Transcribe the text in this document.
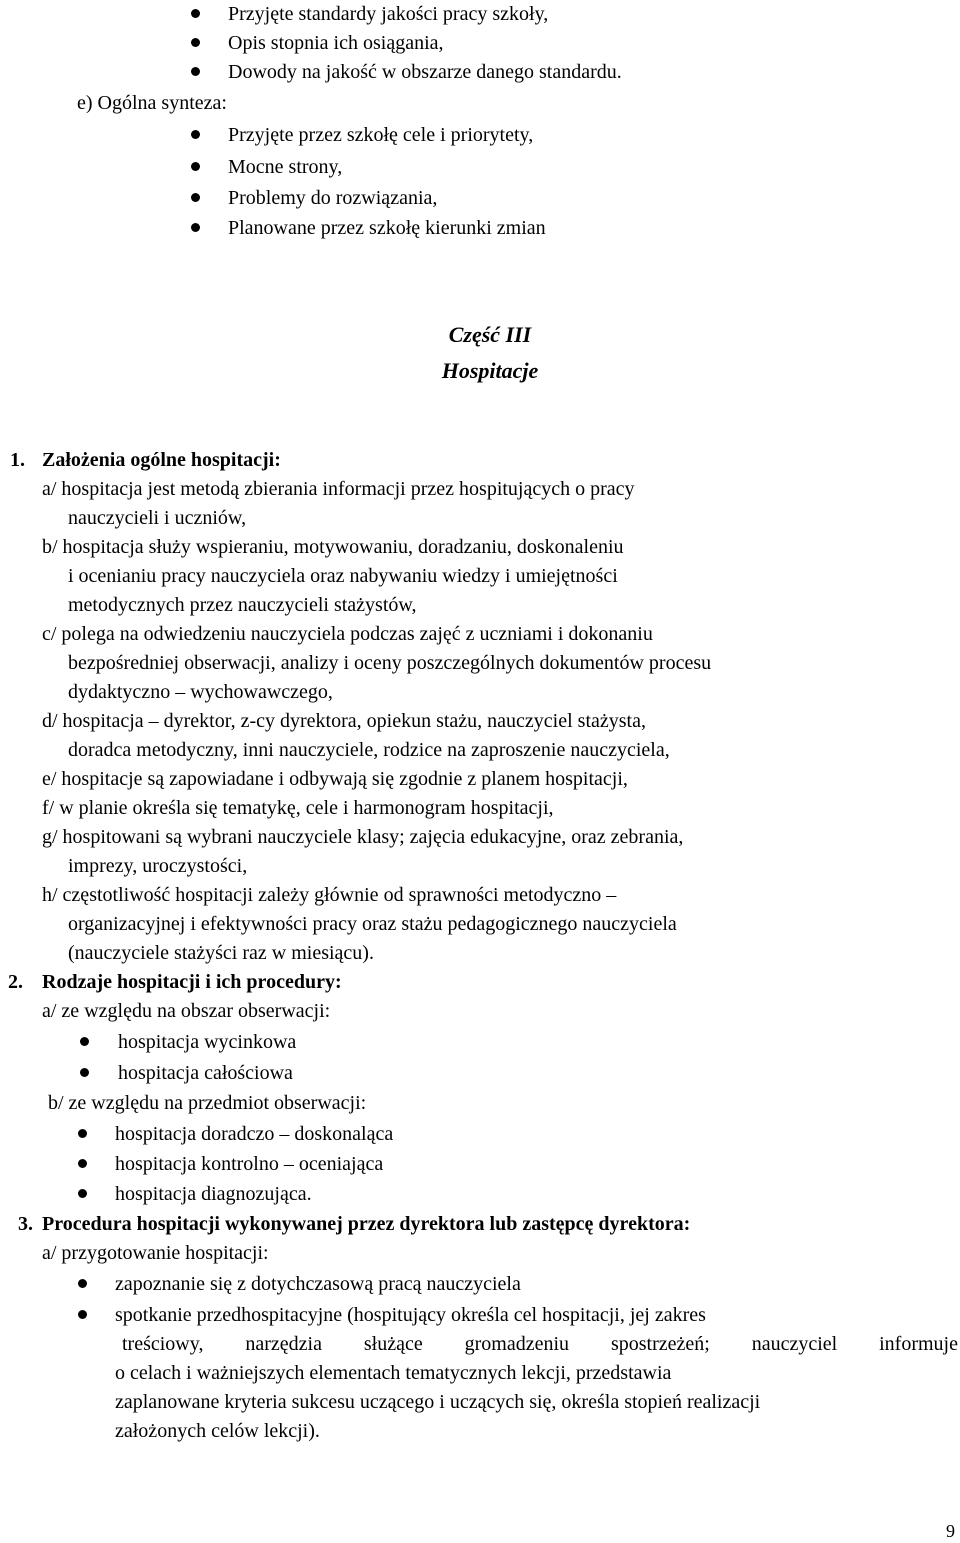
Przyjęte standardy jakości pracy szkoły,
Opis stopnia ich osiągania,
Dowody na jakość w obszarze danego standardu.
e) Ogólna synteza:
Przyjęte przez szkołę cele i priorytety,
Mocne strony,
Problemy do rozwiązania,
Planowane przez szkołę kierunki zmian
Część III
Hospitacje
1. Założenia ogólne hospitacji:
a/ hospitacja jest metodą zbierania informacji przez hospitujących o pracy
nauczycieli i uczniów,
b/ hospitacja służy wspieraniu, motywowaniu, doradzaniu, doskonaleniu
i ocenianiu pracy nauczyciela oraz nabywaniu wiedzy i umiejętności
metodycznych przez nauczycieli stażystów,
c/ polega na odwiedzeniu nauczyciela podczas zajęć z uczniami i dokonaniu
bezpośredniej obserwacji, analizy i oceny poszczególnych dokumentów procesu
dydaktyczno – wychowawczego,
d/ hospitacja – dyrektor, z-cy dyrektora, opiekun stażu, nauczyciel stażysta,
doradca metodyczny, inni nauczyciele, rodzice na zaproszenie nauczyciela,
e/ hospitacje są zapowiadane i odbywają się zgodnie z planem hospitacji,
f/ w planie określa się tematykę, cele i harmonogram hospitacji,
g/ hospitowani są wybrani nauczyciele klasy; zajęcia edukacyjne, oraz zebrania,
imprezy, uroczystości,
h/ częstotliwość hospitacji zależy głównie od sprawności metodyczno –
organizacyjnej i efektywności pracy oraz stażu pedagogicznego nauczyciela
(nauczyciele stażyści raz w miesiącu).
2. Rodzaje hospitacji i ich procedury:
a/ ze względu na obszar obserwacji:
hospitacja wycinkowa
hospitacja całościowa
b/ ze względu na przedmiot obserwacji:
hospitacja doradczo – doskonaląca
hospitacja kontrolno – oceniająca
hospitacja diagnozująca.
3. Procedura hospitacji wykonywanej przez dyrektora lub zastępcę dyrektora:
a/ przygotowanie hospitacji:
zapoznanie się z dotychczasową pracą nauczyciela
spotkanie przedhospitacyjne (hospitujący określa cel hospitacji, jej zakres
treściowy, narzędzia służące gromadzeniu spostrzeżeń; nauczyciel informuje
o celach i ważniejszych elementach tematycznych lekcji, przedstawia
zaplanowane kryteria sukcesu uczącego i uczących się, określa stopień realizacji
założonych celów lekcji).
9
